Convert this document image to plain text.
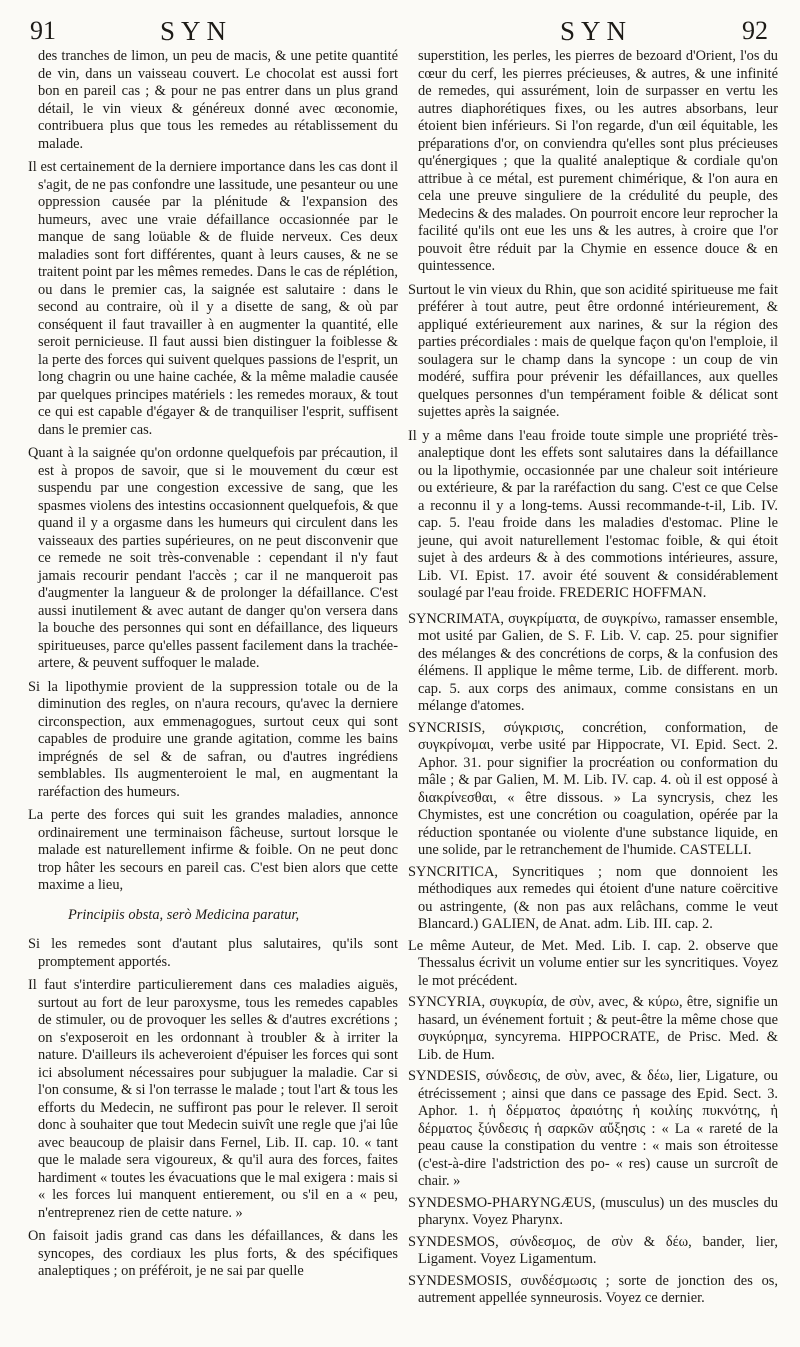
91	SYN	SYN	92

des tranches de limon, un peu de macis, & une petite quantité de vin, dans un vaisseau couvert. Le chocolat est aussi fort bon en pareil cas ; & pour ne pas entrer dans un plus grand détail, le vin vieux & généreux donné avec œconomie, contribuera plus que tous les remedes au rétablissement du malade.

Il est certainement de la derniere importance dans les cas dont il s'agit, de ne pas confondre une lassitude, une pesanteur ou une oppression causée par la plénitude & l'expansion des humeurs, avec une vraie défaillance occasionnée par le manque de sang loüable & de fluide nerveux. Ces deux maladies sont fort différentes, quant à leurs causes, & ne se traitent point par les mêmes remedes. Dans le cas de réplétion, ou dans le premier cas, la saignée est salutaire : dans le second au contraire, où il y a disette de sang, & où par conséquent il faut travailler à en augmenter la quantité, elle seroit pernicieuse. Il faut aussi bien distinguer la foiblesse & la perte des forces qui suivent quelques passions de l'esprit, un long chagrin ou une haine cachée, & la même maladie causée par quelques principes matériels : les remedes moraux, & tout ce qui est capable d'égayer & de tranquiliser l'esprit, suffisent dans le premier cas.

Quant à la saignée qu'on ordonne quelquefois par précaution, il est à propos de savoir, que si le mouvement du cœur est suspendu par une congestion excessive de sang, que les spasmes violens des intestins occasionnent quelquefois, & que quand il y a orgasme dans les humeurs qui circulent dans les vaisseaux des parties supérieures, on ne peut disconvenir que ce remede ne soit très-convenable : cependant il n'y faut jamais recourir pendant l'accès ; car il ne manqueroit pas d'augmenter la langueur & de prolonger la défaillance. C'est aussi inutilement & avec autant de danger qu'on versera dans la bouche des personnes qui sont en défaillance, des liqueurs spiritueuses, parce qu'elles passent facilement dans la trachée-artere, & peuvent suffoquer le malade.

Si la lipothymie provient de la suppression totale ou de la diminution des regles, on n'aura recours, qu'avec la derniere circonspection, aux emmenagogues, surtout ceux qui sont capables de produire une grande agitation, comme les bains imprégnés de sel & de safran, ou d'autres ingrédiens semblables. Ils augmenteroient le mal, en augmentant la raréfaction des humeurs.

La perte des forces qui suit les grandes maladies, annonce ordinairement une terminaison fâcheuse, surtout lorsque le malade est naturellement infirme & foible. On ne peut donc trop hâter les secours en pareil cas. C'est bien alors que cette maxime a lieu,

Principiis obsta, serò Medicina paratur,

Si les remedes sont d'autant plus salutaires, qu'ils sont promptement apportés.

Il faut s'interdire particulierement dans ces maladies aiguës, surtout au fort de leur paroxysme, tous les remedes capables de stimuler, ou de provoquer les selles & d'autres excrétions ; on s'exposeroit en les ordonnant à troubler & à irriter la nature. D'ailleurs ils acheveroient d'épuiser les forces qui sont ici absolument nécessaires pour subjuguer la maladie. Car si l'on consume, & si l'on terrasse le malade ; tout l'art & tous les efforts du Medecin, ne suffiront pas pour le relever. Il seroit donc à souhaiter que tout Medecin suivît une regle que j'ai lûe avec beaucoup de plaisir dans Fernel, Lib. II. cap. 10. « tant que le malade sera vigoureux, & qu'il aura des forces, faites hardiment « toutes les évacuations que le mal exigera : mais si « les forces lui manquent entierement, ou s'il en a « peu, n'entreprenez rien de cette nature. »

On faisoit jadis grand cas dans les défaillances, & dans les syncopes, des cordiaux les plus forts, & des spécifiques analeptiques ; on préféroit, je ne sai par quelle

superstition, les perles, les pierres de bezoard d'Orient, l'os du cœur du cerf, les pierres précieuses, & autres, & une infinité de remedes, qui assurément, loin de surpasser en vertu les autres diaphorétiques fixes, ou les autres absorbans, leur étoient bien inférieurs. Si l'on regarde, d'un œil équitable, les préparations d'or, on conviendra qu'elles sont plus précieuses qu'énergiques ; que la qualité analeptique & cordiale qu'on attribue à ce métal, est purement chimérique, & l'on aura en cela une preuve singuliere de la crédulité du peuple, des Medecins & des malades. On pourroit encore leur reprocher la facilité qu'ils ont eue les uns & les autres, à croire que l'or pouvoit être réduit par la Chymie en essence douce & en quintessence.

Surtout le vin vieux du Rhin, que son acidité spiritueuse me fait préférer à tout autre, peut être ordonné intérieurement, & appliqué extérieurement aux narines, & sur la région des parties précordiales : mais de quelque façon qu'on l'emploie, il soulagera sur le champ dans la syncope : un coup de vin modéré, suffira pour prévenir les défaillances, aux quelles quelques personnes d'un tempérament foible & délicat sont sujettes après la saignée.

Il y a même dans l'eau froide toute simple une propriété très-analeptique dont les effets sont salutaires dans la défaillance ou la lipothymie, occasionnée par une chaleur soit intérieure ou extérieure, & par la raréfaction du sang. C'est ce que Celse a reconnu il y a long-tems. Aussi recommande-t-il, Lib. IV. cap. 5. l'eau froide dans les maladies d'estomac. Pline le jeune, qui avoit naturellement l'estomac foible, & qui étoit sujet à des ardeurs & à des commotions intérieures, assure, Lib. VI. Epist. 17. avoir été souvent & considérablement soulagé par l'eau froide. FREDERIC HOFFMAN.

SYNCRIMATA, συγκρίματα, de συγκρίνω, ramasser ensemble, mot usité par Galien, de S. F. Lib. V. cap. 25. pour signifier des mélanges & des concrétions de corps, & la confusion des élémens. Il applique le même terme, Lib. de different. morb. cap. 5. aux corps des animaux, comme consistans en un mélange d'atomes.

SYNCRISIS, σύγκρισις, concrétion, conformation, de συγκρίνομαι, verbe usité par Hippocrate, VI. Epid. Sect. 2. Aphor. 31. pour signifier la procréation ou conformation du mâle ; & par Galien, M. M. Lib. IV. cap. 4. où il est opposé à διακρίνεσθαι, « être dissous. » La syncrysis, chez les Chymistes, est une concrétion ou coagulation, opérée par la réduction spontanée ou violente d'une substance liquide, en une solide, par le retranchement de l'humide. CASTELLI.

SYNCRITICA, Syncritiques ; nom que donnoient les méthodiques aux remedes qui étoient d'une nature coërcitive ou astringente, (& non pas aux relâchans, comme le veut Blancard.) GALIEN, de Anat. adm. Lib. III. cap. 2.

Le même Auteur, de Met. Med. Lib. I. cap. 2. observe que Thessalus écrivit un volume entier sur les syncritiques. Voyez le mot précédent.

SYNCYRIA, συγκυρία, de σὺν, avec, & κύρω, être, signifie un hasard, un événement fortuit ; & peut-être la même chose que συγκύρημα, syncyrema. HIPPOCRATE, de Prisc. Med. & Lib. de Hum.

SYNDESIS, σύνδεσις, de σὺν, avec, & δέω, lier, Ligature, ou étrécissement ; ainsi que dans ce passage des Epid. Sect. 3. Aphor. 1. ἡ δέρματος ἀραιότης ἡ κοιλίης πυκνότης, ἡ δέρματος ξύνδεσις ἡ σαρκῶν αὔξησις : « La « rareté de la peau cause la constipation du ventre : « mais son étroitesse (c'est-à-dire l'adstriction des po- « res) cause un surcroît de chair. »

SYNDESMO-PHARYNGÆUS, (musculus) un des muscles du pharynx. Voyez Pharynx.

SYNDESMOS, σύνδεσμος, de σὺν & δέω, bander, lier, Ligament. Voyez Ligamentum.

SYNDESMOSIS, συνδέσμωσις ; sorte de jonction des os, autrement appellée synneurosis. Voyez ce dernier.
